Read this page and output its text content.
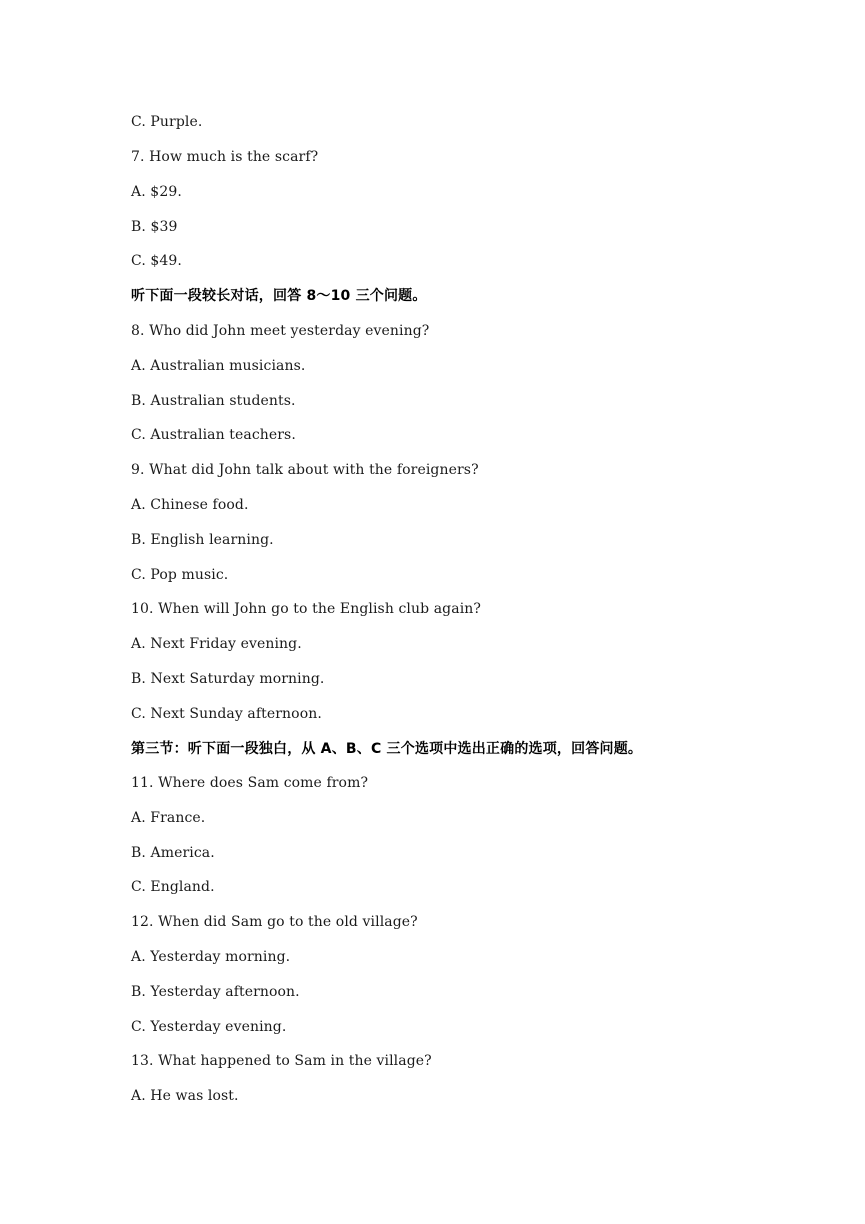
C. Purple.
7. How much is the scarf?
A. $29.
B. $39
C. $49.
听下面一段较长对话，回答 8～10 三个问题。
8. Who did John meet yesterday evening?
A. Australian musicians.
B. Australian students.
C. Australian teachers.
9. What did John talk about with the foreigners?
A. Chinese food.
B. English learning.
C. Pop music.
10. When will John go to the English club again?
A. Next Friday evening.
B. Next Saturday morning.
C. Next Sunday afternoon.
第三节：听下面一段独白，从 A、B、C 三个选项中选出正确的选项，回答问题。
11. Where does Sam come from?
A. France.
B. America.
C. England.
12. When did Sam go to the old village?
A. Yesterday morning.
B. Yesterday afternoon.
C. Yesterday evening.
13. What happened to Sam in the village?
A. He was lost.
